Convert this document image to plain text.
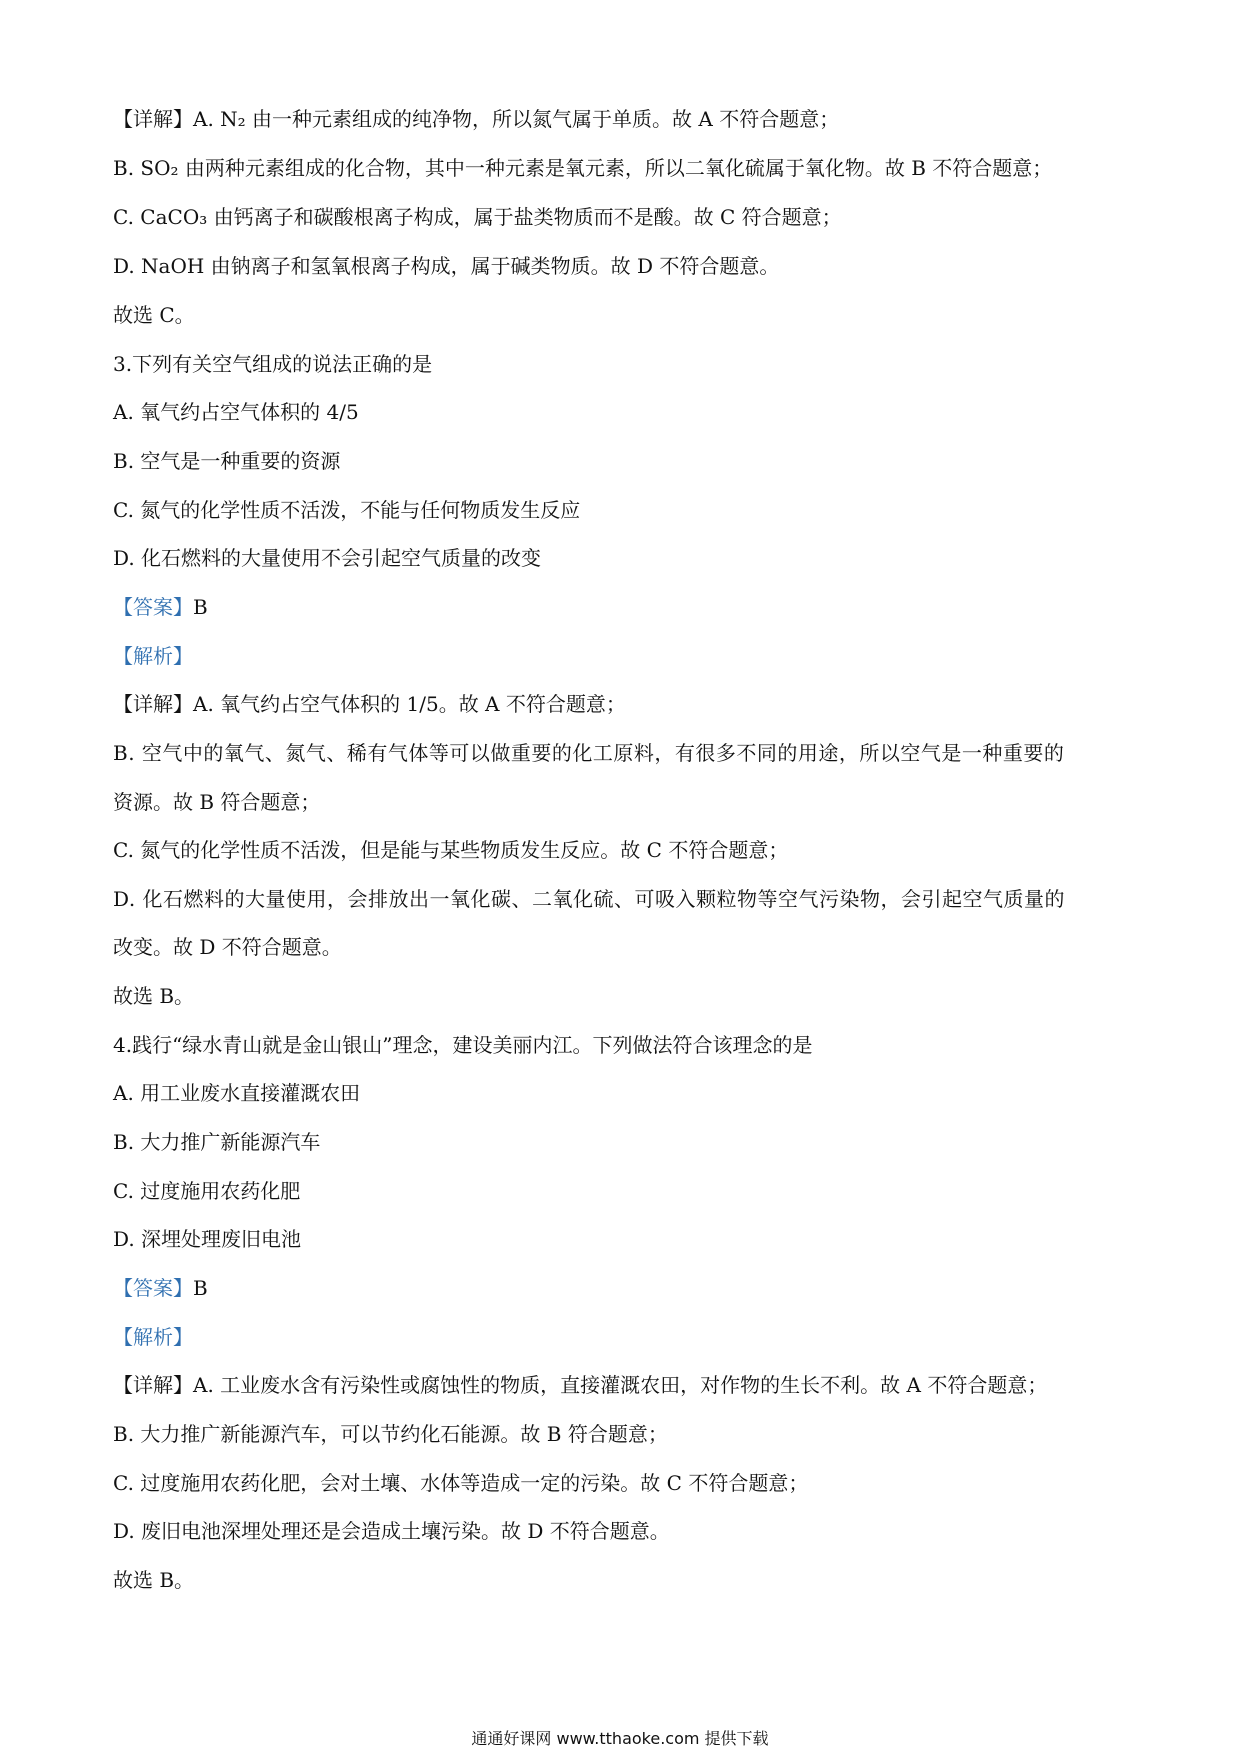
【详解】A. N₂ 由一种元素组成的纯净物，所以氮气属于单质。故 A 不符合题意；
B. SO₂ 由两种元素组成的化合物，其中一种元素是氧元素，所以二氧化硫属于氧化物。故 B 不符合题意；
C. CaCO₃ 由钙离子和碳酸根离子构成，属于盐类物质而不是酸。故 C 符合题意；
D. NaOH 由钠离子和氢氧根离子构成，属于碱类物质。故 D 不符合题意。
故选 C。
3.下列有关空气组成的说法正确的是
A. 氧气约占空气体积的 4/5
B. 空气是一种重要的资源
C. 氮气的化学性质不活泼，不能与任何物质发生反应
D. 化石燃料的大量使用不会引起空气质量的改变
【答案】B
【解析】
【详解】A. 氧气约占空气体积的 1/5。故 A 不符合题意；
B. 空气中的氧气、氮气、稀有气体等可以做重要的化工原料，有很多不同的用途，所以空气是一种重要的
资源。故 B 符合题意；
C. 氮气的化学性质不活泼，但是能与某些物质发生反应。故 C 不符合题意；
D. 化石燃料的大量使用，会排放出一氧化碳、二氧化硫、可吸入颗粒物等空气污染物，会引起空气质量的
改变。故 D 不符合题意。
故选 B。
4.践行“绿水青山就是金山银山”理念，建设美丽内江。下列做法符合该理念的是
A. 用工业废水直接灌溉农田
B. 大力推广新能源汽车
C. 过度施用农药化肥
D. 深埋处理废旧电池
【答案】B
【解析】
【详解】A. 工业废水含有污染性或腐蚀性的物质，直接灌溉农田，对作物的生长不利。故 A 不符合题意；
B. 大力推广新能源汽车，可以节约化石能源。故 B 符合题意；
C. 过度施用农药化肥，会对土壤、水体等造成一定的污染。故 C 不符合题意；
D. 废旧电池深埋处理还是会造成土壤污染。故 D 不符合题意。
故选 B。
通通好课网 www.tthaoke.com 提供下载
